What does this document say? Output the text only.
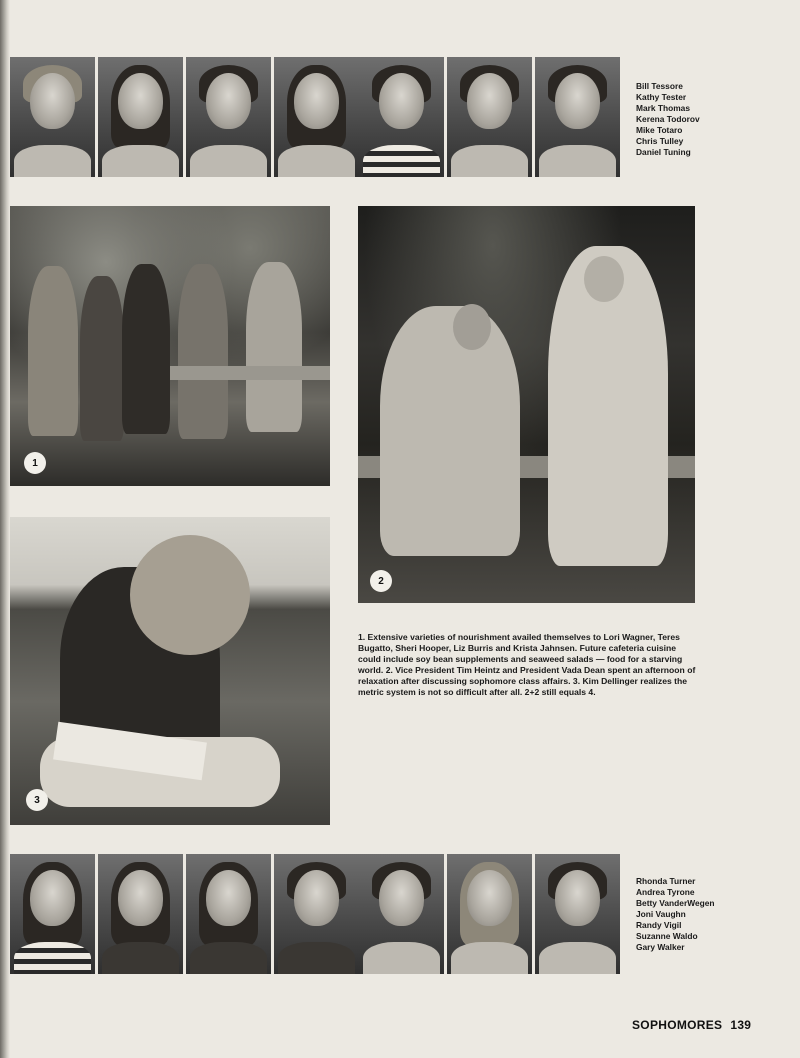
Bill Tessore
Kathy Tester
Mark Thomas
Kerena Todorov
Mike Totaro
Chris Tulley
Daniel Tuning
1
2
3
1. Extensive varieties of nourishment availed themselves to Lori Wagner, Teres Bugatto, Sheri Hooper, Liz Burris and Krista Jahnsen. Future cafeteria cuisine could include soy bean supplements and seaweed salads — food for a starving world. 2. Vice President Tim Heintz and President Vada Dean spent an afternoon of relaxation after discussing sophomore class affairs. 3. Kim Dellinger realizes the metric system is not so difficult after all. 2+2 still equals 4.
Rhonda Turner
Andrea Tyrone
Betty VanderWegen
Joni Vaughn
Randy Vigil
Suzanne Waldo
Gary Walker
SOPHOMORES 139
